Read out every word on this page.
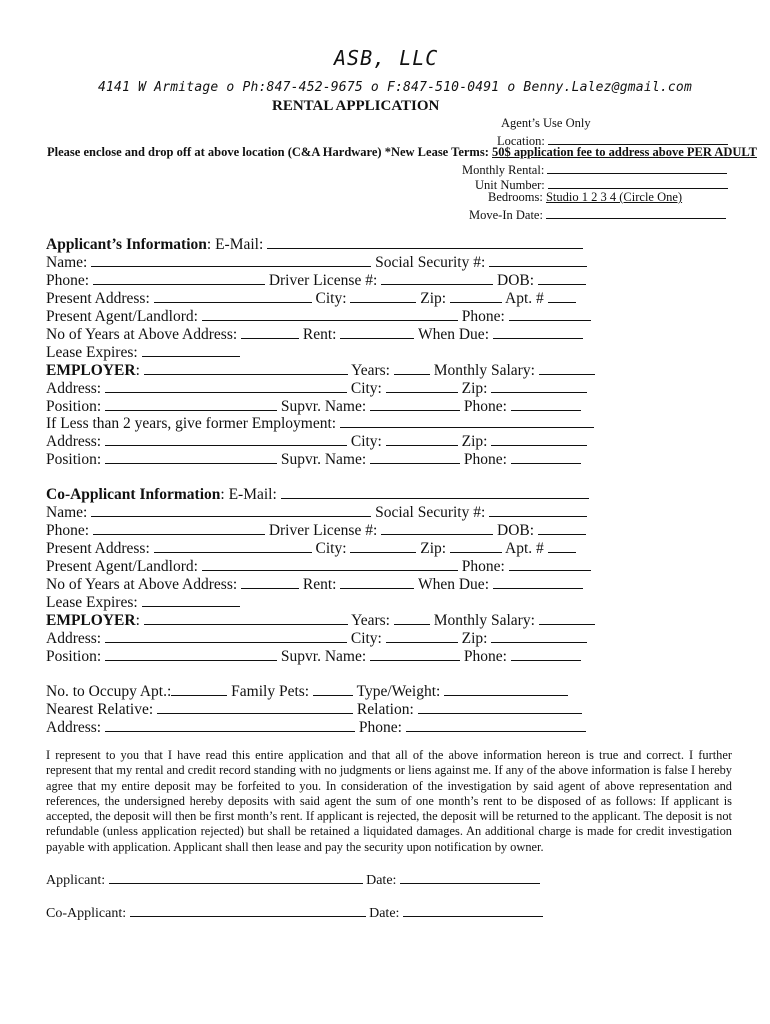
ASB, LLC
4141 W Armitage o Ph:847-452-9675 o F:847-510-0491 o Benny.Lalez@gmail.com
RENTAL APPLICATION
Agent’s Use Only
Location:
Monthly Rental:
Unit Number:
Bedrooms: Studio 1 2 3 4 (Circle One)
Move-In Date:
Please enclose and drop off at above location (C&A Hardware) *New Lease Terms: 50$ application fee to address above PER ADULT
Applicant’s Information: E-Mail:
Name:	Social Security #:
Phone:	Driver License #:	DOB:
Present Address:	City:	Zip:	Apt. #
Present Agent/Landlord:	Phone:
No of Years at Above Address:	Rent:	When Due:
Lease Expires:
EMPLOYER:	Years:	Monthly Salary:
Address:	City:	Zip:
Position:	Supvr. Name:	Phone:
If Less than 2 years, give former Employment:
Address:	City:	Zip:
Position:	Supvr. Name:	Phone:
Co-Applicant Information: E-Mail:
Name:	Social Security #:
Phone:	Driver License #:	DOB:
Present Address:	City:	Zip:	Apt. #
Present Agent/Landlord:	Phone:
No of Years at Above Address:	Rent:	When Due:
Lease Expires:
EMPLOYER:	Years:	Monthly Salary:
Address:	City:	Zip:
Position:	Supvr. Name:	Phone:
No. to Occupy Apt.:	Family Pets:	Type/Weight:
Nearest Relative:	Relation:
Address:	Phone:
I represent to you that I have read this entire application and that all of the above information hereon is true and correct. I further represent that my rental and credit record standing with no judgments or liens against me. If any of the above information is false I hereby agree that my entire deposit may be forfeited to you. In consideration of the investigation by said agent of above representation and references, the undersigned hereby deposits with said agent the sum of one month’s rent to be disposed of as follows: If applicant is accepted, the deposit will then be first month’s rent. If applicant is rejected, the deposit will be returned to the applicant. The deposit is not refundable (unless application rejected) but shall be retained a liquidated damages. An additional charge is made for credit investigation payable with application. Applicant shall then lease and pay the security upon notification by owner.
Applicant:	Date:
Co-Applicant:	Date:
